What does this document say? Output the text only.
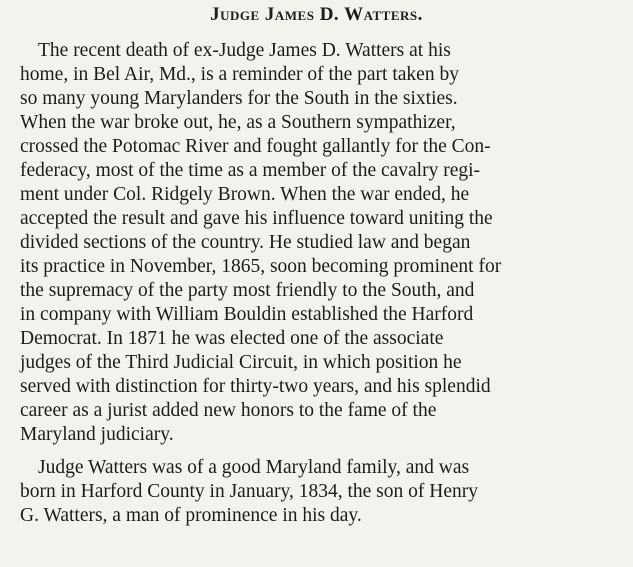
Judge James D. Watters.
The recent death of ex-Judge James D. Watters at his
home, in Bel Air, Md., is a reminder of the part taken by
so many young Marylanders for the South in the sixties.
When the war broke out, he, as a Southern sympathizer,
crossed the Potomac River and fought gallantly for the Con-
federacy, most of the time as a member of the cavalry regi-
ment under Col. Ridgely Brown. When the war ended, he
accepted the result and gave his influence toward uniting the
divided sections of the country. He studied law and began
its practice in November, 1865, soon becoming prominent for
the supremacy of the party most friendly to the South, and
in company with William Bouldin established the Harford
Democrat. In 1871 he was elected one of the associate
judges of the Third Judicial Circuit, in which position he
served with distinction for thirty-two years, and his splendid
career as a jurist added new honors to the fame of the
Maryland judiciary.
Judge Watters was of a good Maryland family, and was
born in Harford County in January, 1834, the son of Henry
G. Watters, a man of prominence in his day.
